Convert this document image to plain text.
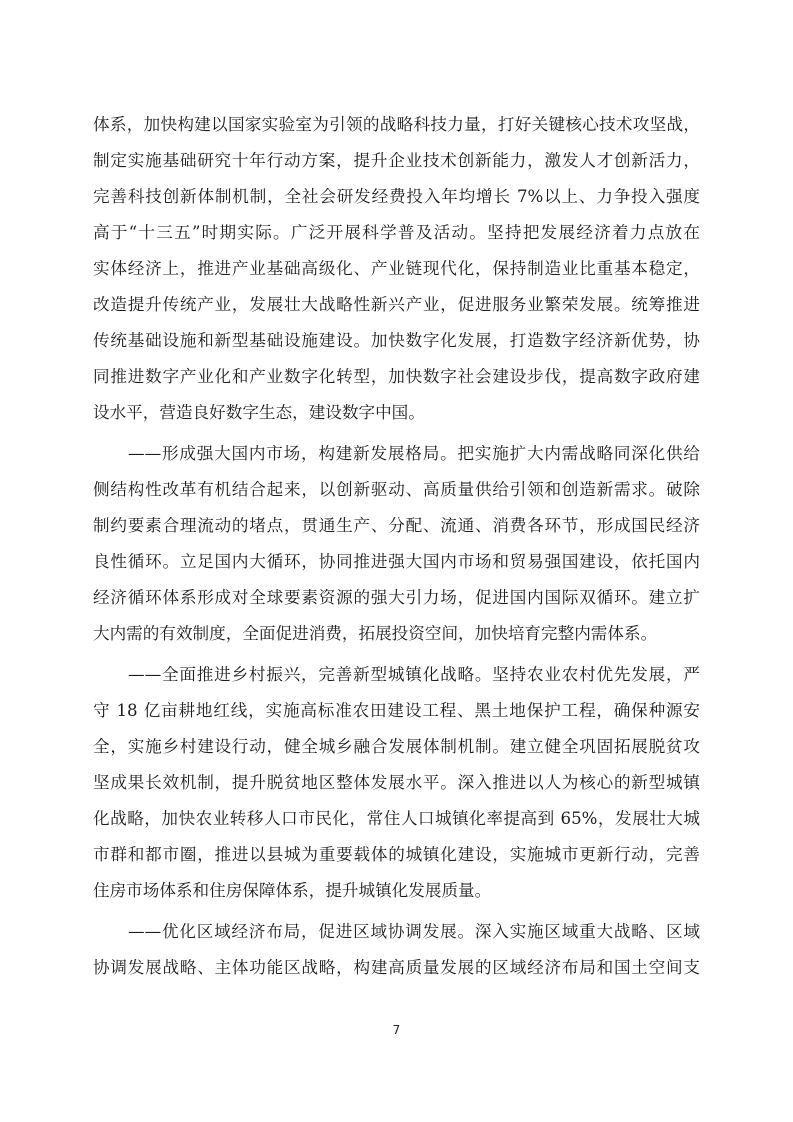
体系，加快构建以国家实验室为引领的战略科技力量，打好关键核心技术攻坚战，
制定实施基础研究十年行动方案，提升企业技术创新能力，激发人才创新活力，
完善科技创新体制机制，全社会研发经费投入年均增长 7%以上、力争投入强度
高于“十三五”时期实际。广泛开展科学普及活动。坚持把发展经济着力点放在
实体经济上，推进产业基础高级化、产业链现代化，保持制造业比重基本稳定，
改造提升传统产业，发展壮大战略性新兴产业，促进服务业繁荣发展。统筹推进
传统基础设施和新型基础设施建设。加快数字化发展，打造数字经济新优势，协
同推进数字产业化和产业数字化转型，加快数字社会建设步伐，提高数字政府建
设水平，营造良好数字生态，建设数字中国。
——形成强大国内市场，构建新发展格局。把实施扩大内需战略同深化供给
侧结构性改革有机结合起来，以创新驱动、高质量供给引领和创造新需求。破除
制约要素合理流动的堵点，贯通生产、分配、流通、消费各环节，形成国民经济
良性循环。立足国内大循环，协同推进强大国内市场和贸易强国建设，依托国内
经济循环体系形成对全球要素资源的强大引力场，促进国内国际双循环。建立扩
大内需的有效制度，全面促进消费，拓展投资空间，加快培育完整内需体系。
——全面推进乡村振兴，完善新型城镇化战略。坚持农业农村优先发展，严
守 18 亿亩耕地红线，实施高标准农田建设工程、黑土地保护工程，确保种源安
全，实施乡村建设行动，健全城乡融合发展体制机制。建立健全巩固拓展脱贫攻
坚成果长效机制，提升脱贫地区整体发展水平。深入推进以人为核心的新型城镇
化战略，加快农业转移人口市民化，常住人口城镇化率提高到 65%，发展壮大城
市群和都市圈，推进以县城为重要载体的城镇化建设，实施城市更新行动，完善
住房市场体系和住房保障体系，提升城镇化发展质量。
——优化区域经济布局，促进区域协调发展。深入实施区域重大战略、区域
协调发展战略、主体功能区战略，构建高质量发展的区域经济布局和国土空间支
7
